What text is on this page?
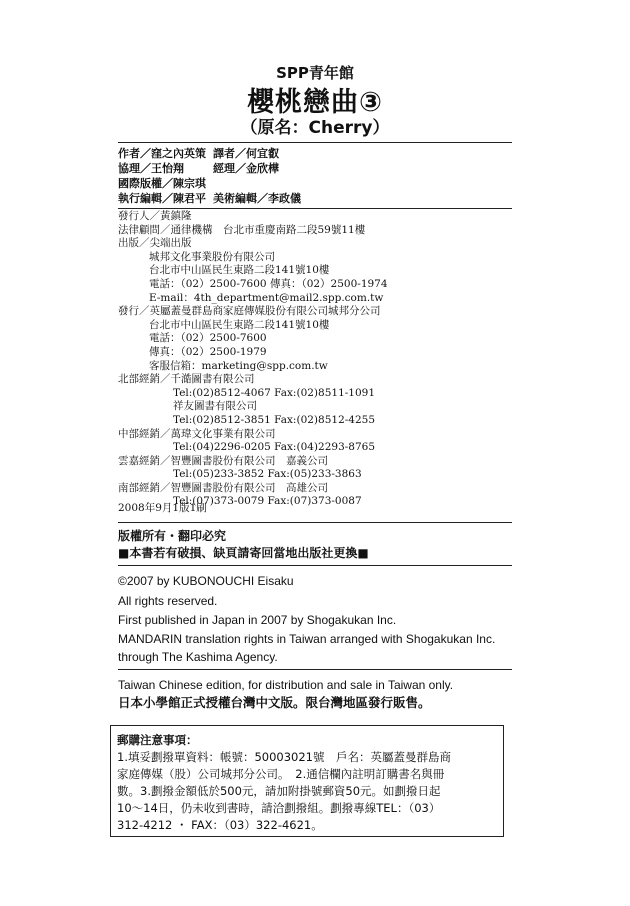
SPP青年館
櫻桃戀曲③
（原名：Cherry）
作者／窪之內英策 譯者／何宜叡
協理／王怡翔	經理／金欣樺
國際版權／陳宗琪
執行編輯／陳君平 美術編輯／李政儀
發行人／黃鎮隆
法律顧問／通律機構　台北市重慶南路二段59號11樓
出版／尖端出版
城邦文化事業股份有限公司
台北市中山區民生東路二段141號10樓
電話：（02）2500-7600 傳真：（02）2500-1974
E-mail：4th_department@mail2.spp.com.tw
發行／英屬蓋曼群島商家庭傳媒股份有限公司城邦分公司
台北市中山區民生東路二段141號10樓
電話：（02）2500-7600
傳真：（02）2500-1979
客服信箱：marketing@spp.com.tw
北部經銷／千澔圖書有限公司
Tel:(02)8512-4067 Fax:(02)8511-1091
祥友圖書有限公司
Tel:(02)8512-3851 Fax:(02)8512-4255
中部經銷／萬瑋文化事業有限公司
Tel:(04)2296-0205 Fax:(04)2293-8765
雲嘉經銷／智豐圖書股份有限公司　嘉義公司
Tel:(05)233-3852 Fax:(05)233-3863
南部經銷／智豐圖書股份有限公司　高雄公司
Tel:(07)373-0079 Fax:(07)373-0087
2008年9月1版1刷
版權所有・翻印必究
■本書若有破損、缺頁請寄回當地出版社更換■
©2007 by KUBONOUCHI Eisaku
All rights reserved.
First published in Japan in 2007 by Shogakukan Inc.
MANDARIN translation rights in Taiwan arranged with Shogakukan Inc.
through The Kashima Agency.
Taiwan Chinese edition, for distribution and sale in Taiwan only.
日本小學館正式授權台灣中文版。限台灣地區發行販售。
郵購注意事項：
1.填妥劃撥單資料：帳號：50003021號　戶名：英屬蓋曼群島商
家庭傳媒（股）公司城邦分公司。　2.通信欄內註明訂購書名與冊
數。3.劃撥金額低於500元，請加附掛號郵資50元。如劃撥日起
10～14日，仍未收到書時，請洽劃撥組。劃撥專線TEL：（03）
312-4212 ・ FAX：（03）322-4621。
